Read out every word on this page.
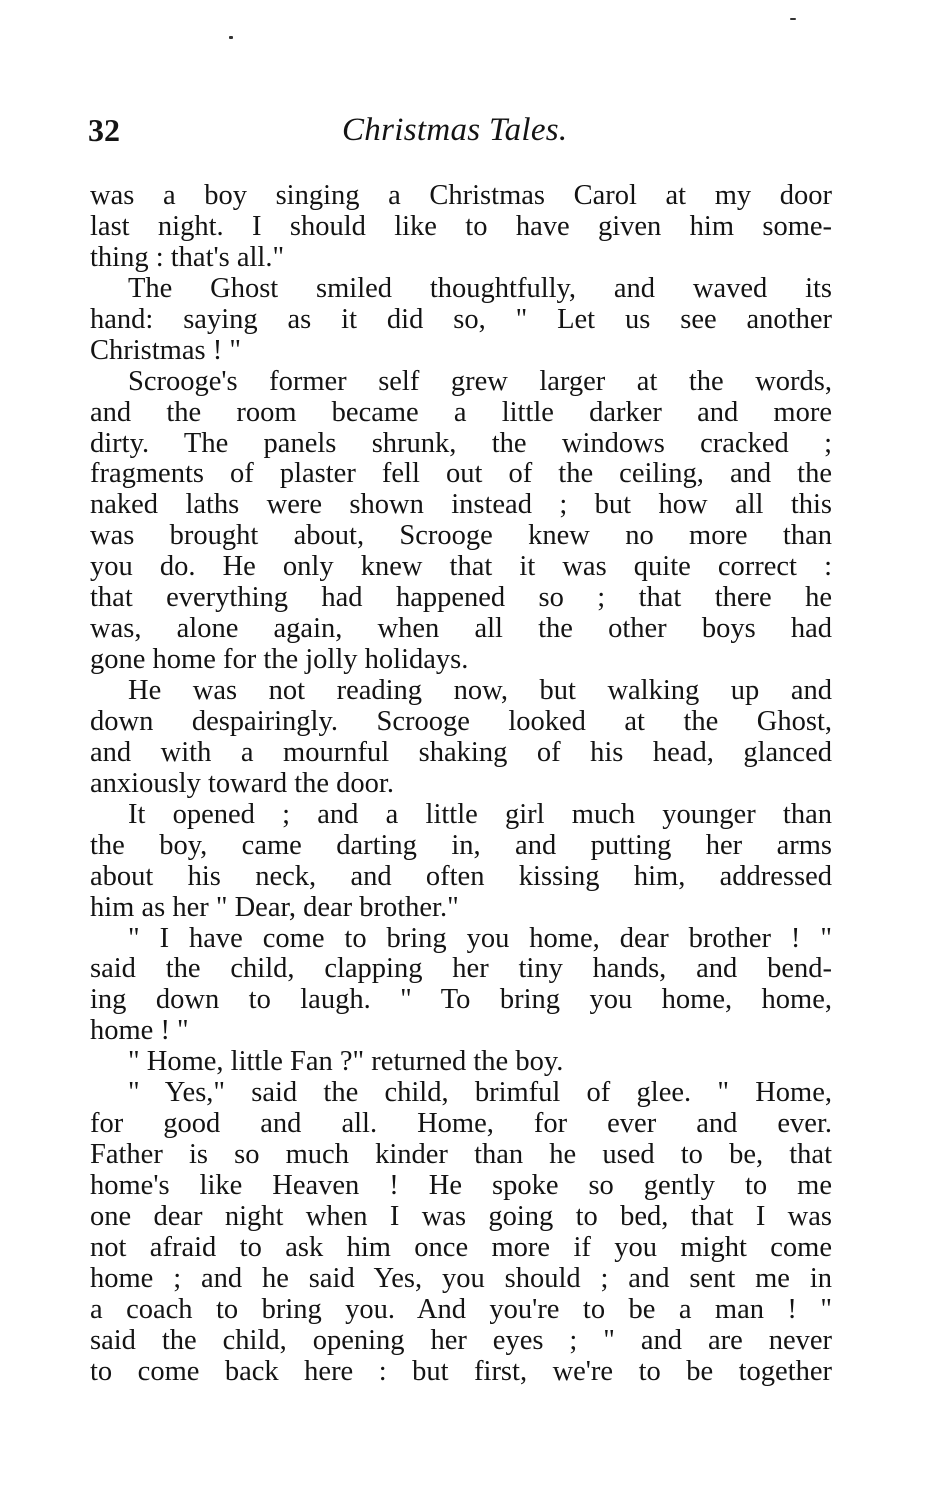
32	Christmas Tales.
was a boy singing a Christmas Carol at my door
last night. I should like to have given him some-
thing : that's all."
The Ghost smiled thoughtfully, and waved its
hand: saying as it did so, " Let us see another
Christmas ! "
Scrooge's former self grew larger at the words,
and the room became a little darker and more
dirty. The panels shrunk, the windows cracked ;
fragments of plaster fell out of the ceiling, and the
naked laths were shown instead ; but how all this
was brought about, Scrooge knew no more than
you do. He only knew that it was quite correct :
that everything had happened so ; that there he
was, alone again, when all the other boys had
gone home for the jolly holidays.
He was not reading now, but walking up and
down despairingly. Scrooge looked at the Ghost,
and with a mournful shaking of his head, glanced
anxiously toward the door.
It opened ; and a little girl much younger than
the boy, came darting in, and putting her arms
about his neck, and often kissing him, addressed
him as her " Dear, dear brother."
" I have come to bring you home, dear brother ! "
said the child, clapping her tiny hands, and bend-
ing down to laugh. " To bring you home, home,
home ! "
" Home, little Fan ?" returned the boy.
" Yes," said the child, brimful of glee. " Home,
for good and all. Home, for ever and ever.
Father is so much kinder than he used to be, that
home's like Heaven ! He spoke so gently to me
one dear night when I was going to bed, that I was
not afraid to ask him once more if you might come
home ; and he said Yes, you should ; and sent me in
a coach to bring you. And you're to be a man ! "
said the child, opening her eyes ; " and are never
to come back here : but first, we're to be together
